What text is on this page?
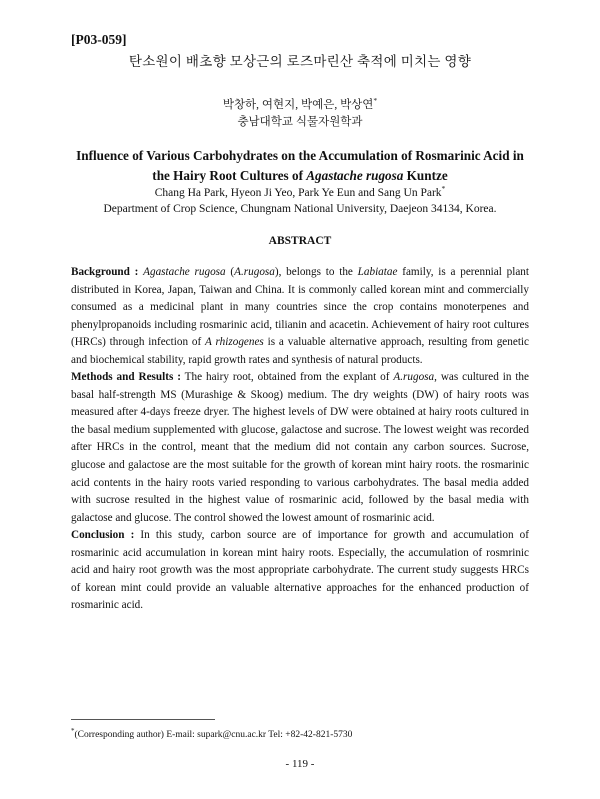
[P03-059]
탄소원이 배초향 모상근의 로즈마린산 축적에 미치는 영향
박창하, 여현지, 박예은, 박상연*
충남대학교 식물자원학과
Influence of Various Carbohydrates on the Accumulation of Rosmarinic Acid in
the Hairy Root Cultures of Agastache rugosa Kuntze
Chang Ha Park, Hyeon Ji Yeo, Park Ye Eun and Sang Un Park*
Department of Crop Science, Chungnam National University, Daejeon 34134, Korea.
ABSTRACT

Background : Agastache rugosa (A.rugosa), belongs to the Labiatae family, is a perennial plant distributed in Korea, Japan, Taiwan and China. It is commonly called korean mint and commercially consumed as a medicinal plant in many countries since the crop contains monoterpenes and phenylpropanoids including rosmarinic acid, tilianin and acacetin. Achievement of hairy root cultures (HRCs) through infection of A rhizogenes is a valuable alternative approach, resulting from genetic and biochemical stability, rapid growth rates and synthesis of natural products.

Methods and Results : The hairy root, obtained from the explant of A.rugosa, was cultured in the basal half-strength MS (Murashige & Skoog) medium. The dry weights (DW) of hairy roots was measured after 4-days freeze dryer. The highest levels of DW were obtained at hairy roots cultured in the basal medium supplemented with glucose, galactose and sucrose. The lowest weight was recorded after HRCs in the control, meant that the medium did not contain any carbon sources. Sucrose, glucose and galactose are the most suitable for the growth of korean mint hairy roots. the rosmarinic acid contents in the hairy roots varied responding to various carbohydrates. The basal media added with sucrose resulted in the highest value of rosmarinic acid, followed by the basal media with galactose and glucose. The control showed the lowest amount of rosmarinic acid.

Conclusion : In this study, carbon source are of importance for growth and accumulation of rosmarinic acid accumulation in korean mint hairy roots. Especially, the accumulation of rosmrinic acid and hairy root growth was the most appropriate carbohydrate. The current study suggests HRCs of korean mint could provide an valuable alternative approaches for the enhanced production of rosmarinic acid.

*(Corresponding author) E-mail: supark@cnu.ac.kr Tel: +82-42-821-5730
- 119 -
